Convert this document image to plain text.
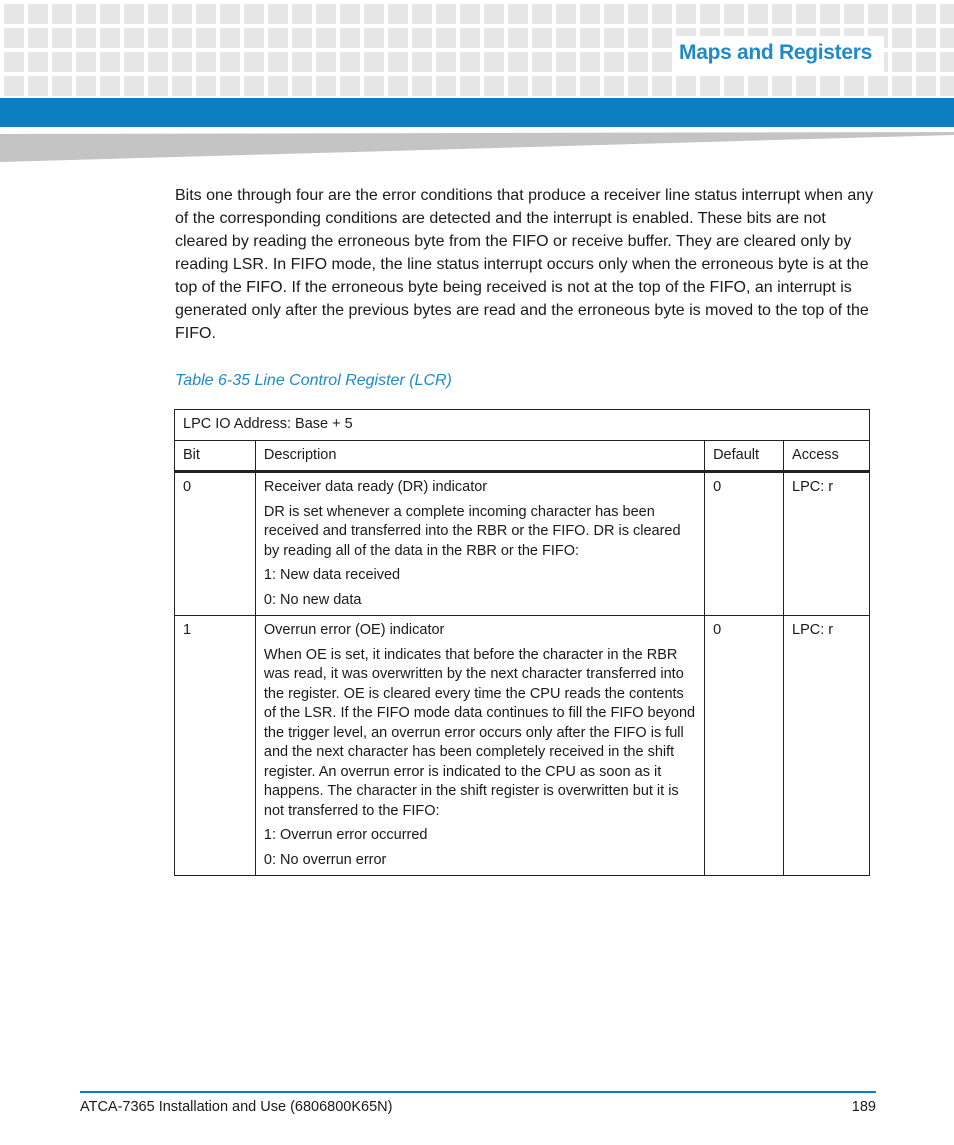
Maps and Registers
Bits one through four are the error conditions that produce a receiver line status interrupt when any of the corresponding conditions are detected and the interrupt is enabled. These bits are not cleared by reading the erroneous byte from the FIFO or receive buffer. They are cleared only by reading LSR. In FIFO mode, the line status interrupt occurs only when the erroneous byte is at the top of the FIFO. If the erroneous byte being received is not at the top of the FIFO, an interrupt is generated only after the previous bytes are read and the erroneous byte is moved to the top of the FIFO.
Table 6-35 Line Control Register (LCR)
LPC IO Address: Base + 5			
Bit	Description	Default	Access
0	Receiver data ready (DR) indicator

DR is set whenever a complete incoming character has been received and transferred into the RBR or the FIFO. DR is cleared by reading all of the data in the RBR or the FIFO:

1: New data received

0: No new data	0	LPC: r
1	Overrun error (OE) indicator

When OE is set, it indicates that before the character in the RBR was read, it was overwritten by the next character transferred into the register. OE is cleared every time the CPU reads the contents of the LSR. If the FIFO mode data continues to fill the FIFO beyond the trigger level, an overrun error occurs only after the FIFO is full and the next character has been completely received in the shift register. An overrun error is indicated to the CPU as soon as it happens. The character in the shift register is overwritten but it is not transferred to the FIFO:

1: Overrun error occurred

0: No overrun error	0	LPC: r
ATCA-7365 Installation and Use (6806800K65N)	189
